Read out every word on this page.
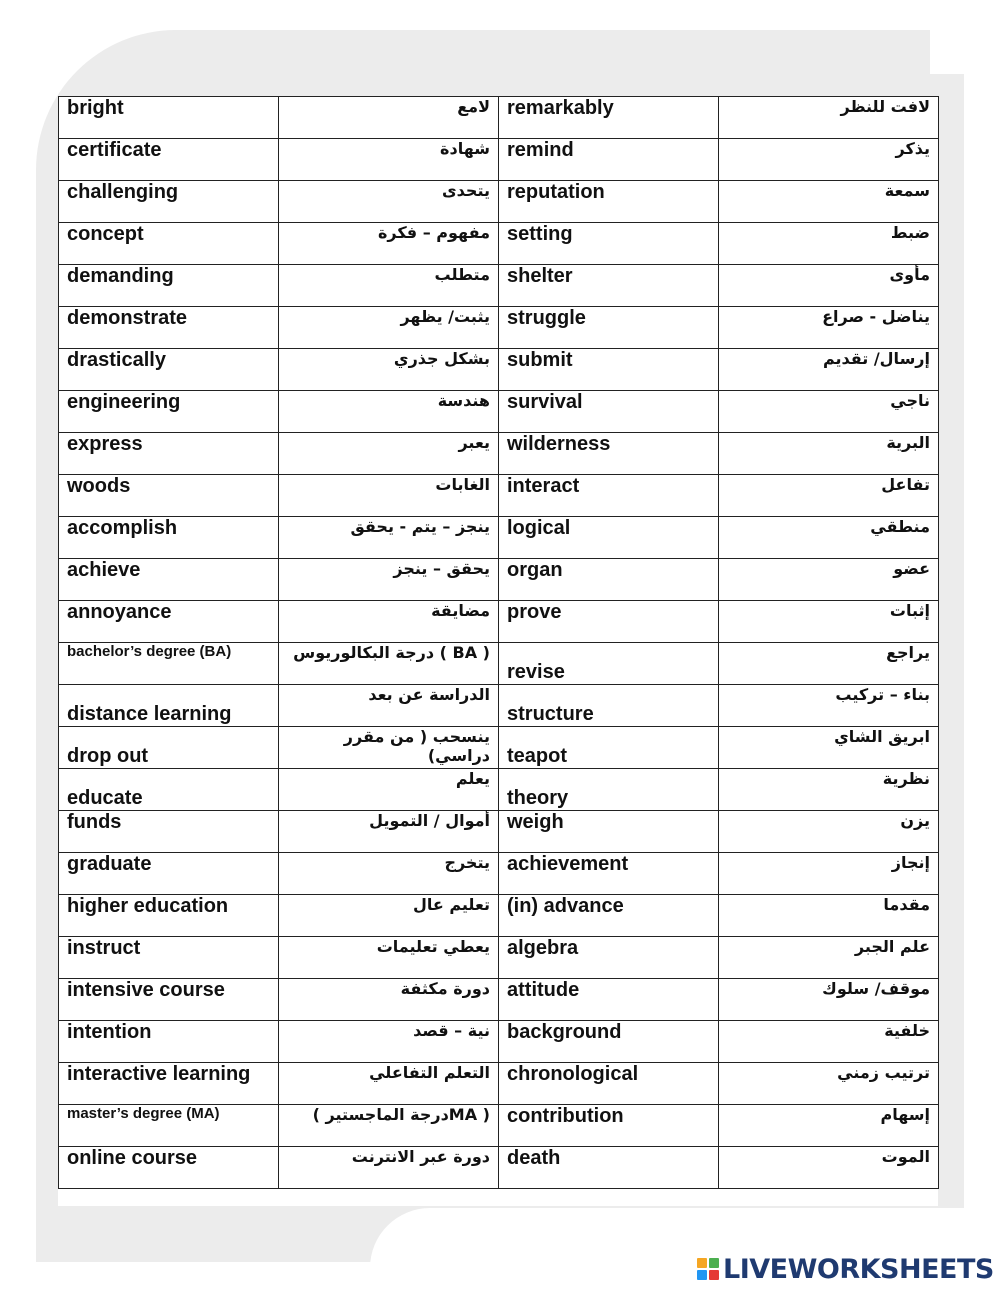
bright	لامع	remarkably	لافت للنظر
certificate	شهادة	remind	يذكر
challenging	يتحدى	reputation	سمعة
concept	مفهوم – فكرة	setting	ضبط
demanding	متطلب	shelter	مأوى
demonstrate	يثبت/ يظهر	struggle	يناضل - صراع
drastically	بشكل جذري	submit	إرسال/ تقديم
engineering	هندسة	survival	ناجي
express	يعبر	wilderness	البرية
woods	الغابات	interact	تفاعل
accomplish	ينجز – يتم - يحقق	logical	منطقي
achieve	يحقق – ينجز	organ	عضو
annoyance	مضايقة	prove	إثبات
bachelor’s degree (BA)	( BA ) درجة البكالوريوس	revise	يراجع
distance learning	الدراسة عن بعد	structure	بناء – تركيب
drop out	ينسحب ( من مقرر دراسي)	teapot	ابريق الشاي
educate	يعلم	theory	نظرية
funds	أموال / التمويل	weigh	يزن
graduate	يتخرج	achievement	إنجاز
higher education	تعليم عال	(in) advance	مقدما
instruct	يعطي تعليمات	algebra	علم الجبر
intensive course	دورة مكثفة	attitude	موقف/ سلوك
intention	نية – قصد	background	خلفية
interactive learning	التعلم التفاعلي	chronological	ترتيب زمني
master’s degree (MA)	( MAدرجة الماجستير )	contribution	إسهام
online course	دورة عبر الانترنت	death	الموت
LIVEWORKSHEETS
